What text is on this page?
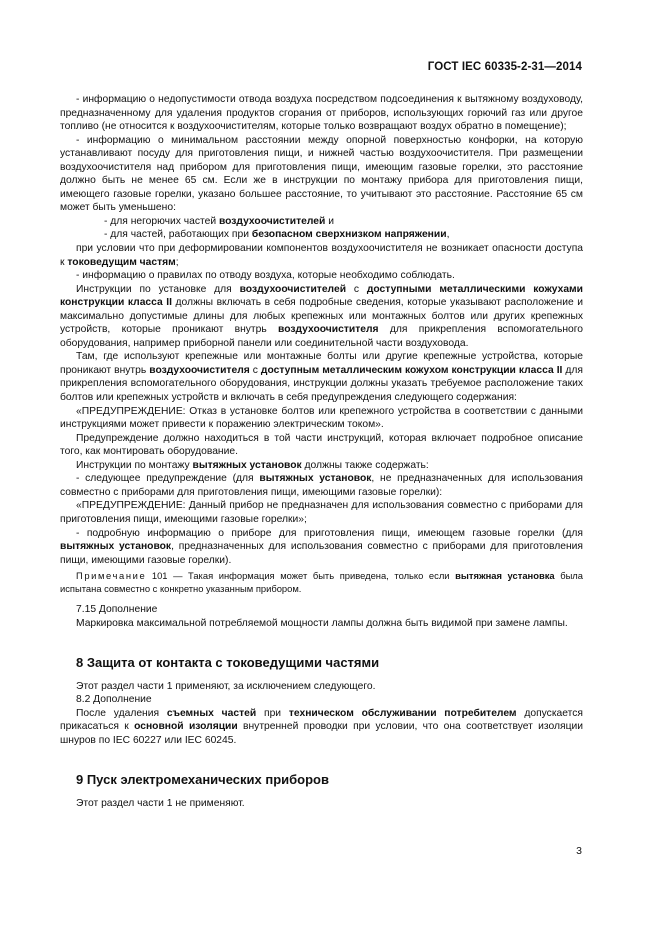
ГОСТ IEC 60335-2-31—2014

- информацию о недопустимости отвода воздуха посредством подсоединения к вытяжному воздуховоду, предназначенному для удаления продуктов сгорания от приборов, использующих горючий газ или другое топливо (не относится к воздухоочистителям, которые только возвращают воздух обратно в помещение);

- информацию о минимальном расстоянии между опорной поверхностью конфорки, на которую устанавливают посуду для приготовления пищи, и нижней частью воздухоочистителя. При размещении воздухоочистителя над прибором для приготовления пищи, имеющим газовые горелки, это расстояние должно быть не менее 65 см. Если же в инструкции по монтажу прибора для приготовления пищи, имеющего газовые горелки, указано большее расстояние, то учитывают это расстояние. Расстояние 65 см может быть уменьшено:

- для негорючих частей воздухоочистителей и

- для частей, работающих при безопасном сверхнизком напряжении,

при условии что при деформировании компонентов воздухоочистителя не возникает опасности доступа к токоведущим частям;

- информацию о правилах по отводу воздуха, которые необходимо соблюдать.

Инструкции по установке для воздухоочистителей с доступными металлическими кожухами конструкции класса II должны включать в себя подробные сведения, которые указывают расположение и максимально допустимые длины для любых крепежных или монтажных болтов или других крепежных устройств, которые проникают внутрь воздухоочистителя для прикрепления вспомогательного оборудования, например приборной панели или соединительной части воздуховода.

Там, где используют крепежные или монтажные болты или другие крепежные устройства, которые проникают внутрь воздухоочистителя с доступным металлическим кожухом конструкции класса II для прикрепления вспомогательного оборудования, инструкции должны указать требуемое расположение таких болтов или крепежных устройств и включать в себя предупреждения следующего содержания:

«ПРЕДУПРЕЖДЕНИЕ: Отказ в установке болтов или крепежного устройства в соответствии с данными инструкциями может привести к поражению электрическим током».

Предупреждение должно находиться в той части инструкций, которая включает подробное описание того, как монтировать оборудование.

Инструкции по монтажу вытяжных установок должны также содержать:

- следующее предупреждение (для вытяжных установок, не предназначенных для использования совместно с приборами для приготовления пищи, имеющими газовые горелки):

«ПРЕДУПРЕЖДЕНИЕ: Данный прибор не предназначен для использования совместно с приборами для приготовления пищи, имеющими газовые горелки»;

- подробную информацию о приборе для приготовления пищи, имеющем газовые горелки (для вытяжных установок, предназначенных для использования совместно с приборами для приготовления пищи, имеющими газовые горелки).

Примечание 101 — Такая информация может быть приведена, только если вытяжная установка была испытана совместно с конкретно указанным прибором.

7.15 Дополнение

Маркировка максимальной потребляемой мощности лампы должна быть видимой при замене лампы.

8 Защита от контакта с токоведущими частями

Этот раздел части 1 применяют, за исключением следующего.

8.2 Дополнение

После удаления съемных частей при техническом обслуживании потребителем допускается прикасаться к основной изоляции внутренней проводки при условии, что она соответствует изоляции шнуров по IEC 60227 или IEC 60245.

9 Пуск электромеханических приборов

Этот раздел части 1 не применяют.

3
